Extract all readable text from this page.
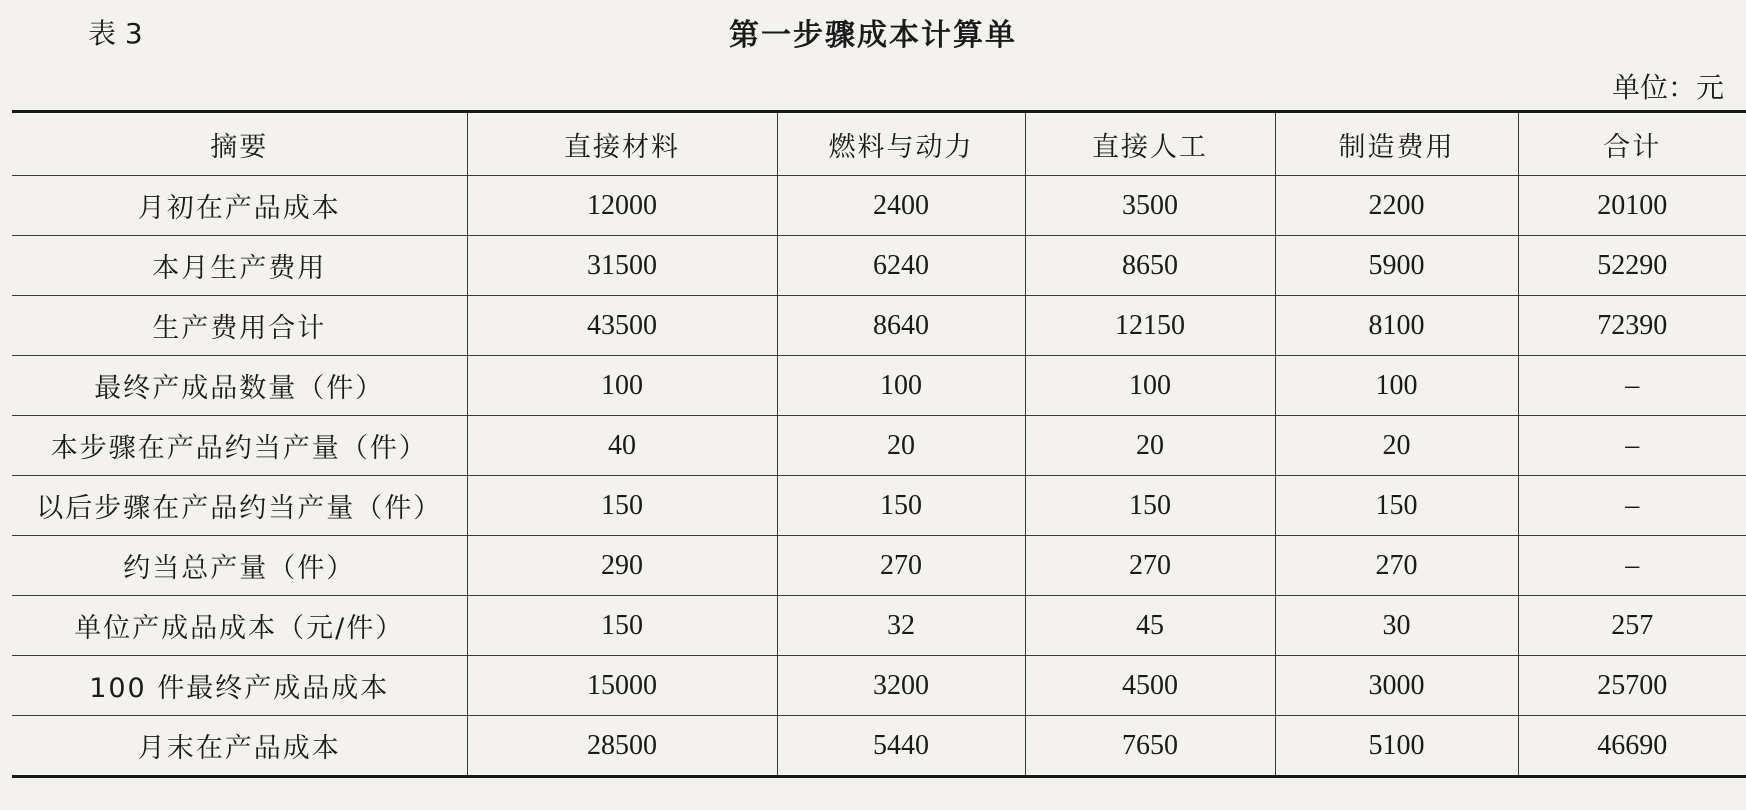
表 3	第一步骤成本计算单
单位：元
摘要	直接材料	燃料与动力	直接人工	制造费用	合计
月初在产品成本	12000	2400	3500	2200	20100
本月生产费用	31500	6240	8650	5900	52290
生产费用合计	43500	8640	12150	8100	72390
最终产成品数量（件）	100	100	100	100	–
本步骤在产品约当产量（件）	40	20	20	20	–
以后步骤在产品约当产量（件）	150	150	150	150	–
约当总产量（件）	290	270	270	270	–
单位产成品成本（元/件）	150	32	45	30	257
100 件最终产成品成本	15000	3200	4500	3000	25700
月末在产品成本	28500	5440	7650	5100	46690
